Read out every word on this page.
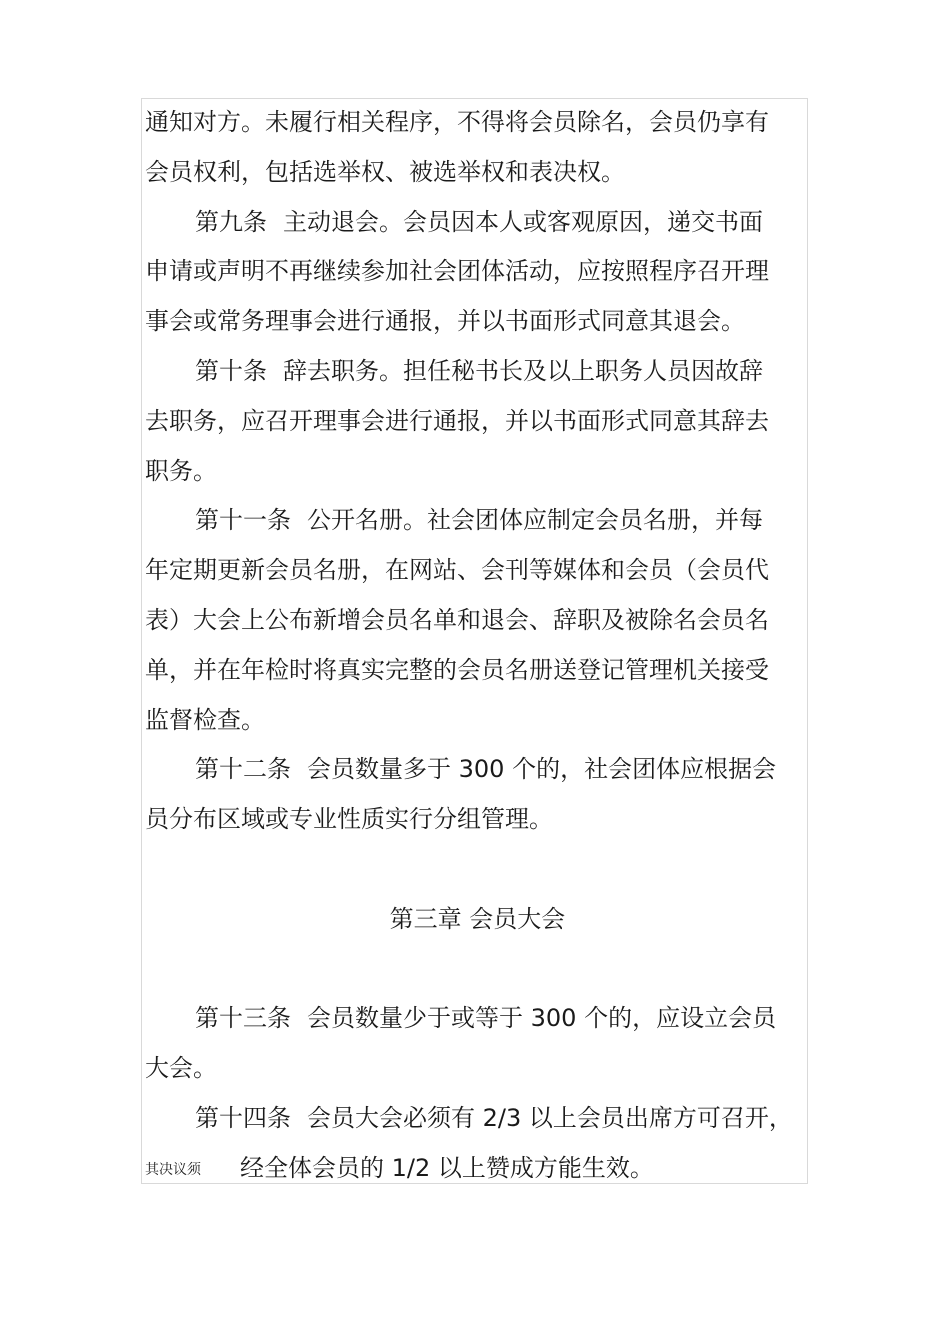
通知对方。未履行相关程序，不得将会员除名，会员仍享有
会员权利，包括选举权、被选举权和表决权。
第九条 主动退会。会员因本人或客观原因，递交书面
申请或声明不再继续参加社会团体活动，应按照程序召开理
事会或常务理事会进行通报，并以书面形式同意其退会。
第十条 辞去职务。担任秘书长及以上职务人员因故辞
去职务，应召开理事会进行通报，并以书面形式同意其辞去
职务。
第十一条 公开名册。社会团体应制定会员名册，并每
年定期更新会员名册，在网站、会刊等媒体和会员（会员代
表）大会上公布新增会员名单和退会、辞职及被除名会员名
单，并在年检时将真实完整的会员名册送登记管理机关接受
监督检查。
第十二条 会员数量多于 300 个的，社会团体应根据会
员分布区域或专业性质实行分组管理。
第三章 会员大会
第十三条 会员数量少于或等于 300 个的，应设立会员
大会。
第十四条 会员大会必须有 2/3 以上会员出席方可召开，
其决议须 经全体会员的 1/2 以上赞成方能生效。
